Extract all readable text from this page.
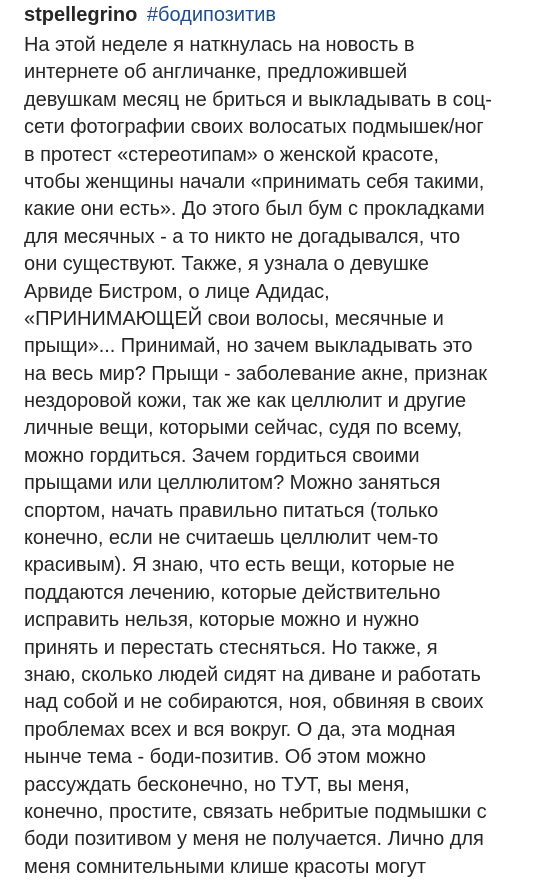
stpellegrino #бодипозитив
На этой неделе я наткнулась на новость в
интернете об англичанке, предложившей
девушкам месяц не бриться и выкладывать в соц-
сети фотографии своих волосатых подмышек/ног
в протест «стереотипам» о женской красоте,
чтобы женщины начали «принимать себя такими,
какие они есть». До этого был бум с прокладками
для месячных - а то никто не догадывался, что
они существуют. Также, я узнала о девушке
Арвиде Бистром, о лице Адидас,
«ПРИНИМАЮЩЕЙ свои волосы, месячные и
прыщи»... Принимай, но зачем выкладывать это
на весь мир? Прыщи - заболевание акне, признак
нездоровой кожи, так же как целлюлит и другие
личные вещи, которыми сейчас, судя по всему,
можно гордиться. Зачем гордиться своими
прыщами или целлюлитом? Можно заняться
спортом, начать правильно питаться (только
конечно, если не считаешь целлюлит чем-то
красивым). Я знаю, что есть вещи, которые не
поддаются лечению, которые действительно
исправить нельзя, которые можно и нужно
принять и перестать стесняться. Но также, я
знаю, сколько людей сидят на диване и работать
над собой и не собираются, ноя, обвиняя в своих
проблемах всех и вся вокруг. О да, эта модная
нынче тема - боди-позитив. Об этом можно
рассуждать бесконечно, но ТУТ, вы меня,
конечно, простите, связать небритые подмышки с
боди позитивом у меня не получается. Лично для
меня сомнительными клише красоты могут
